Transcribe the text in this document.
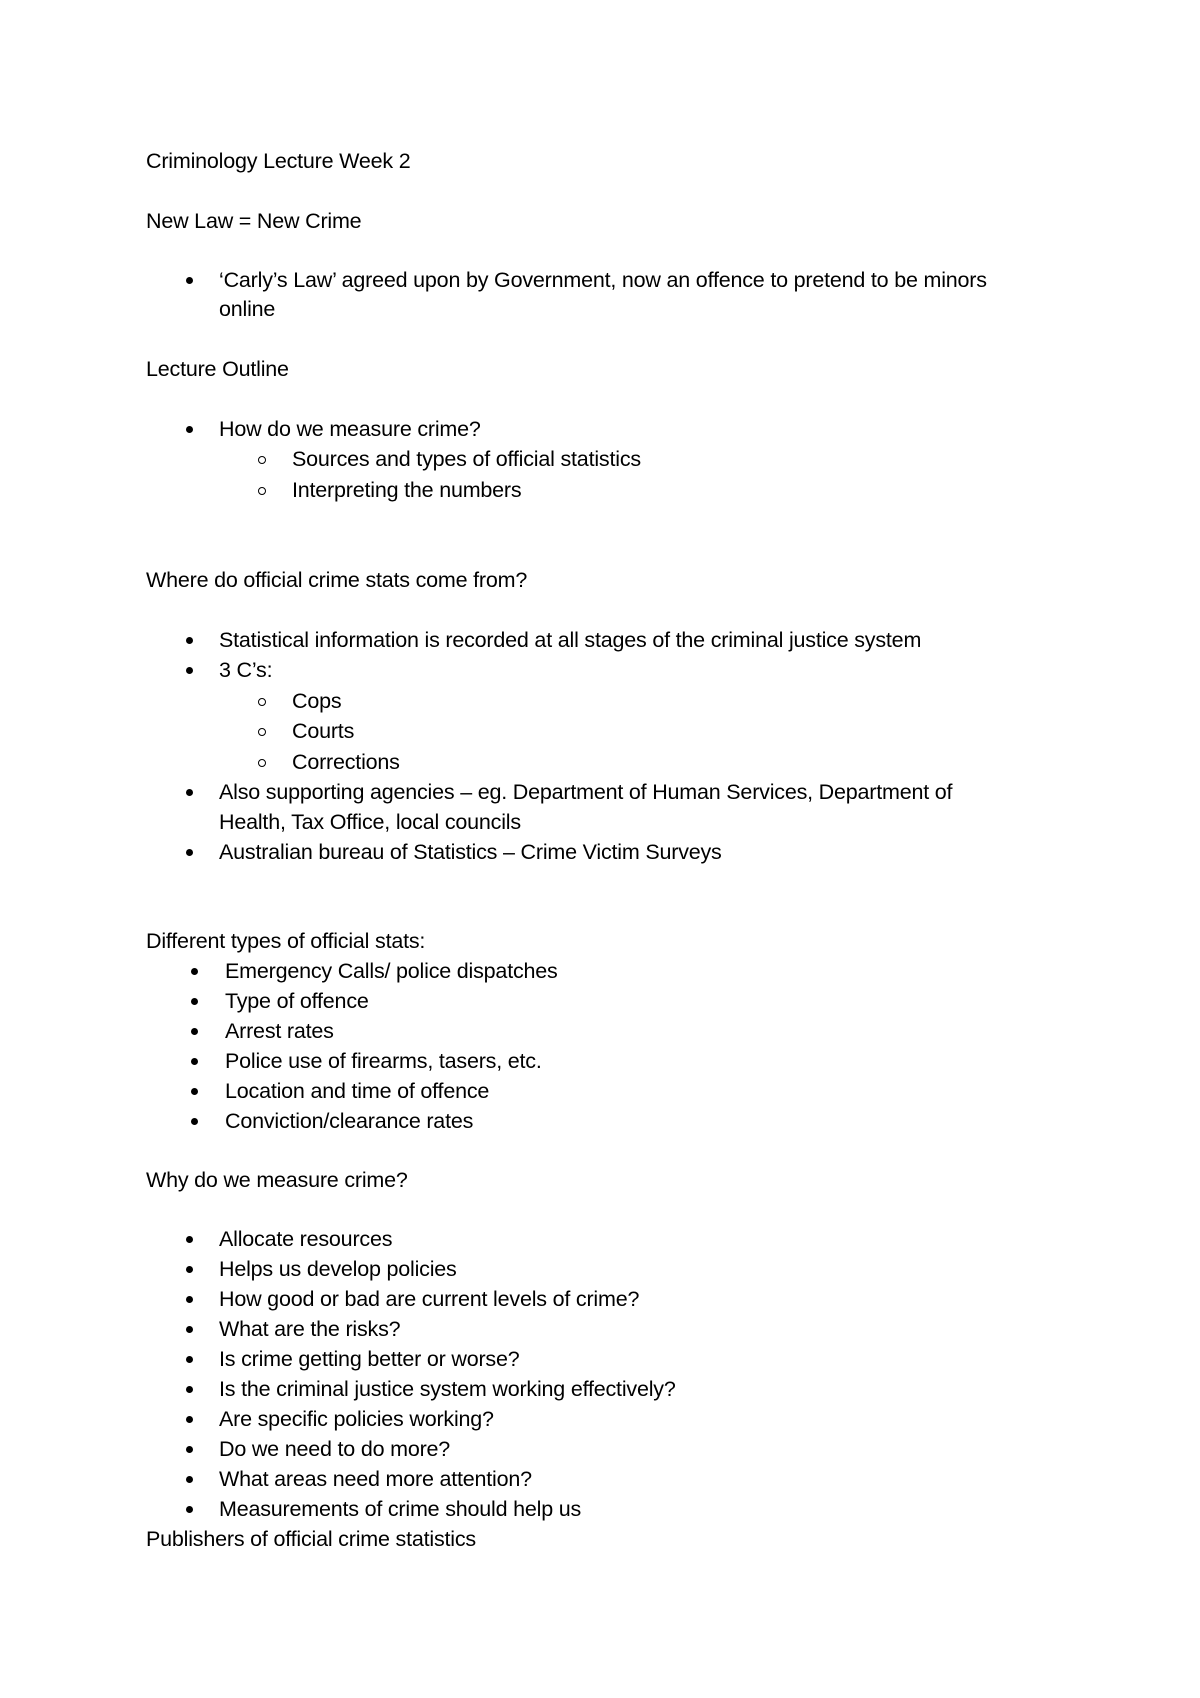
Criminology Lecture Week 2
New Law = New Crime
‘Carly’s Law’ agreed upon by Government, now an offence to pretend to be minors
online
Lecture Outline
How do we measure crime?
Sources and types of official statistics
Interpreting the numbers
Where do official crime stats come from?
Statistical information is recorded at all stages of the criminal justice system
3 C’s:
Cops
Courts
Corrections
Also supporting agencies – eg. Department of Human Services, Department of
Health, Tax Office, local councils
Australian bureau of Statistics – Crime Victim Surveys
Different types of official stats:
Emergency Calls/ police dispatches
Type of offence
Arrest rates
Police use of firearms, tasers, etc.
Location and time of offence
Conviction/clearance rates
Why do we measure crime?
Allocate resources
Helps us develop policies
How good or bad are current levels of crime?
What are the risks?
Is crime getting better or worse?
Is the criminal justice system working effectively?
Are specific policies working?
Do we need to do more?
What areas need more attention?
Measurements of crime should help us
Publishers of official crime statistics
